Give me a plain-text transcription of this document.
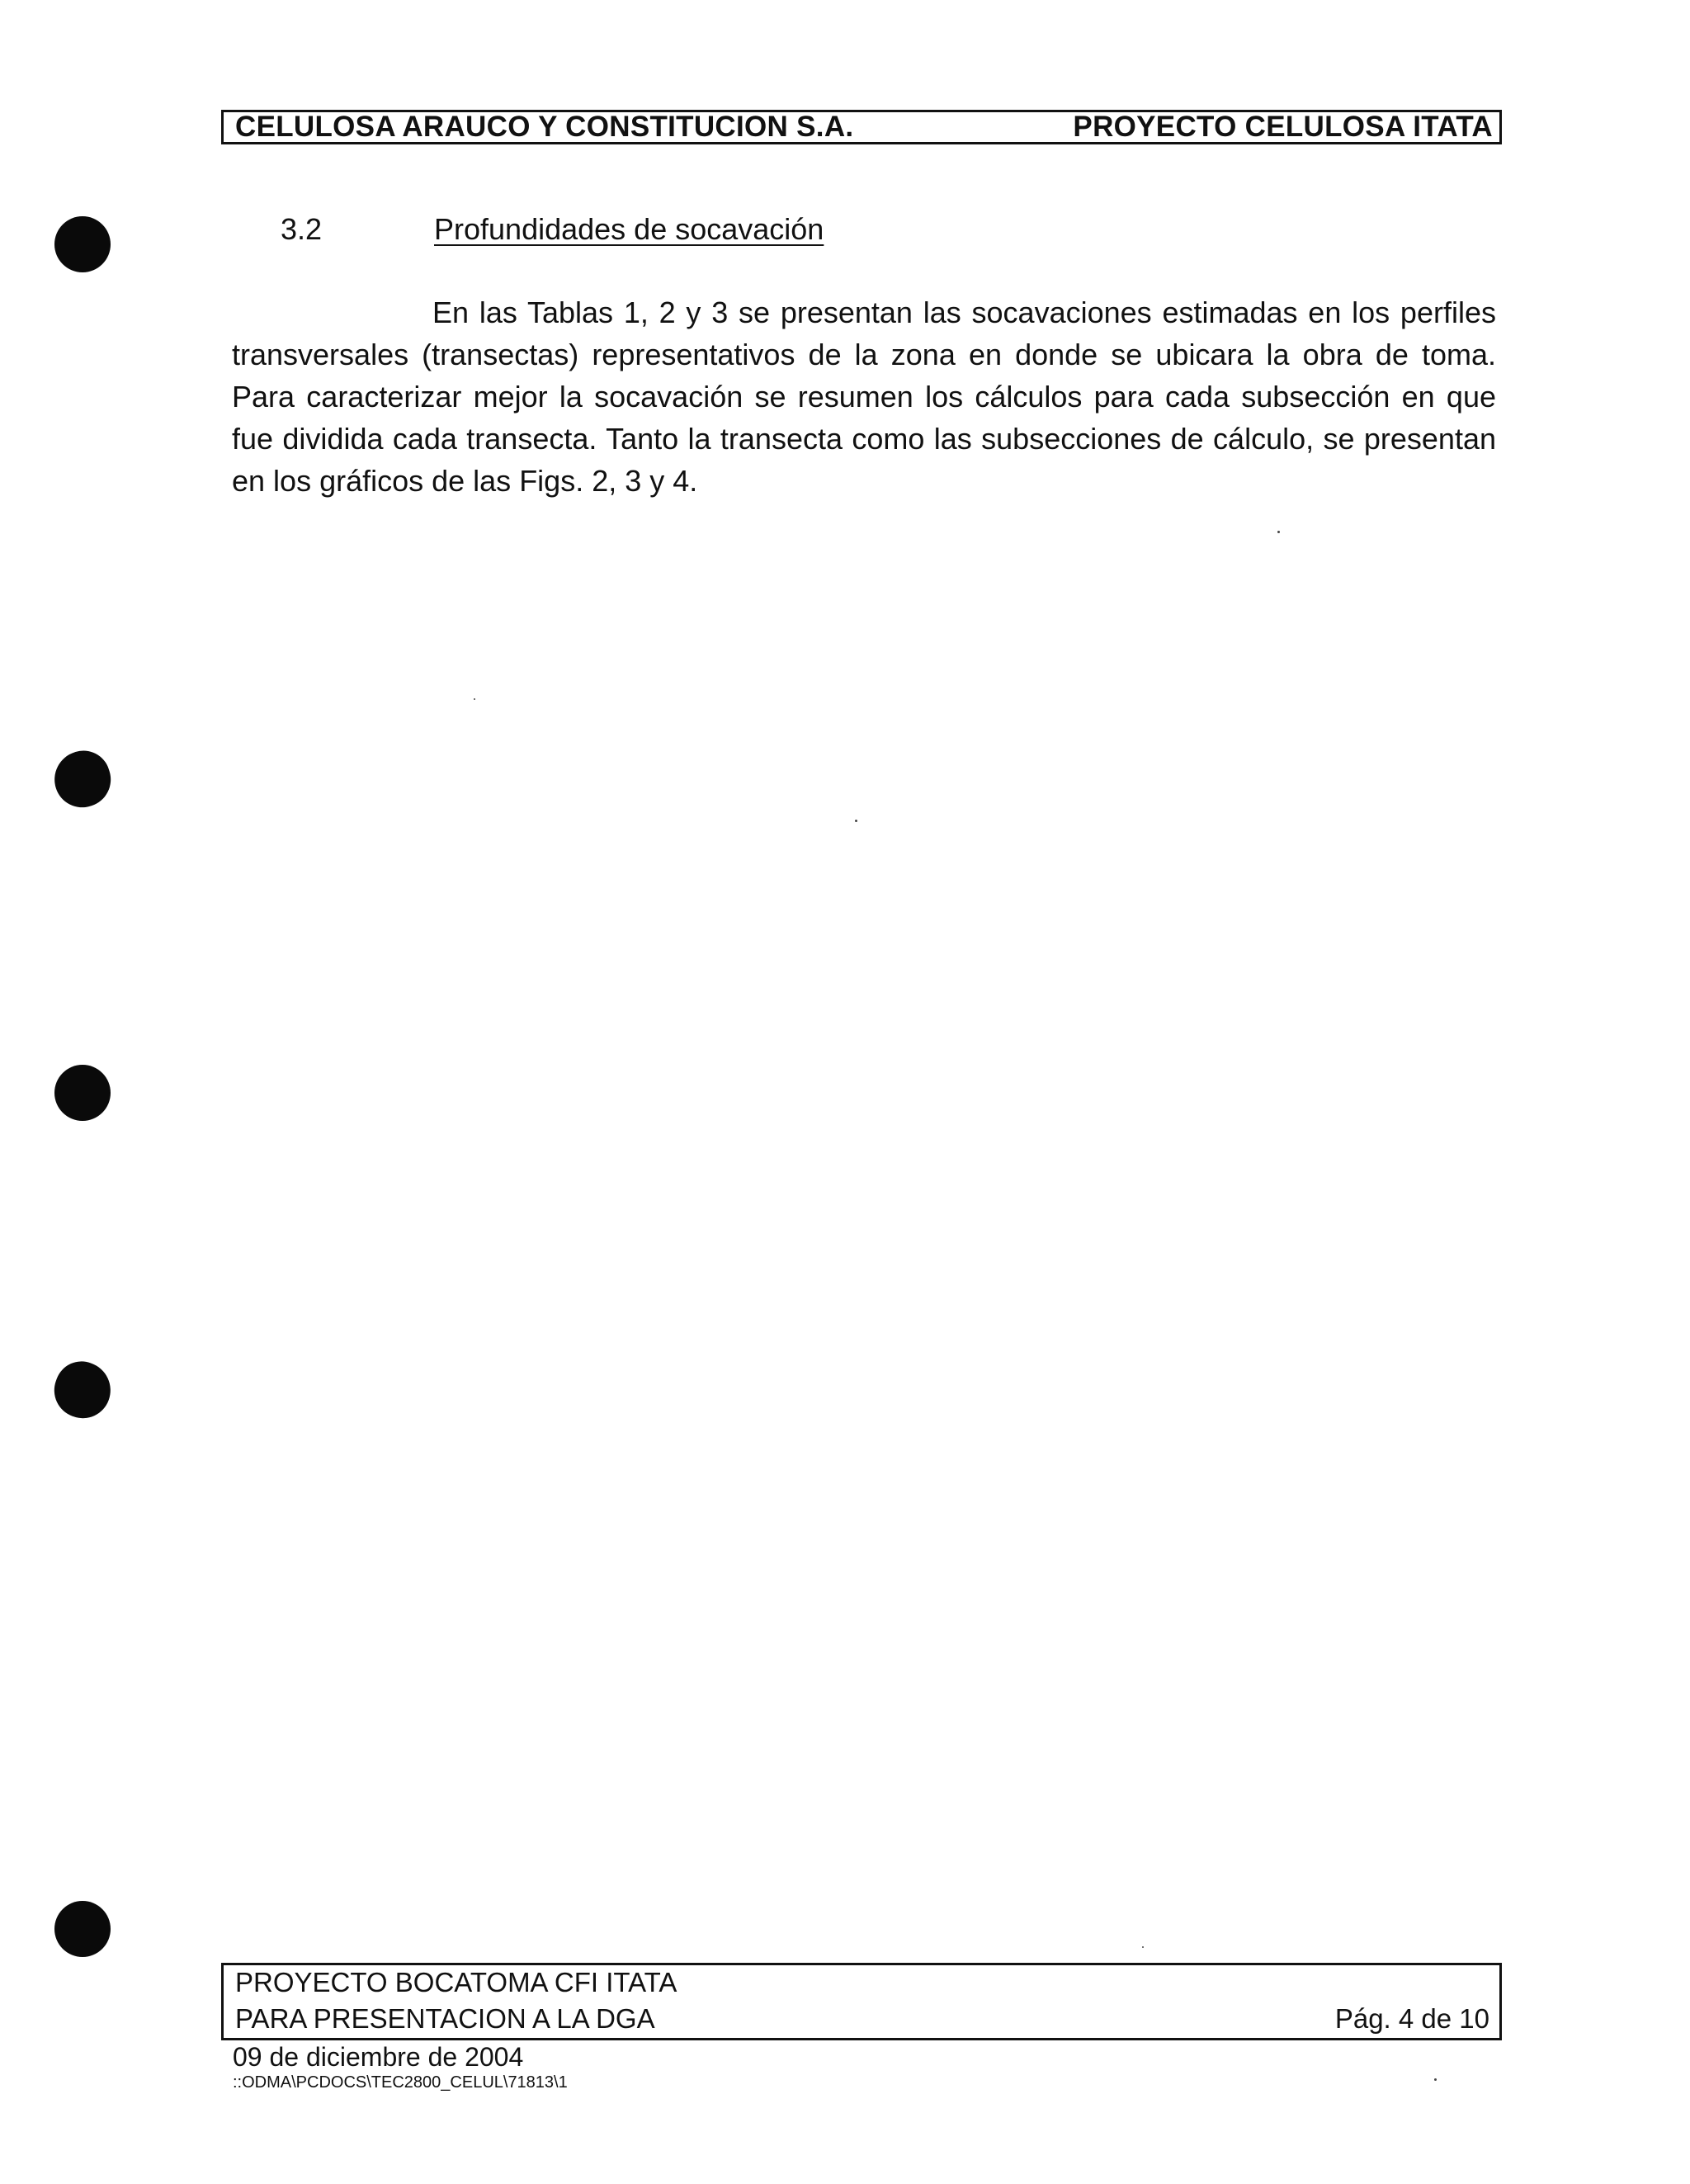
CELULOSA ARAUCO Y CONSTITUCION S.A.	PROYECTO CELULOSA ITATA
3.2	Profundidades de socavación

En las Tablas 1, 2 y 3 se presentan las socavaciones estimadas en los perfiles transversales (transectas) representativos de la zona en donde se ubicara la obra de toma. Para caracterizar mejor la socavación se resumen los cálculos para cada subsección en que fue dividida cada transecta. Tanto la transecta como las subsecciones de cálculo, se presentan en los gráficos de las Figs. 2, 3 y 4.

PROYECTO BOCATOMA CFI ITATA
PARA PRESENTACION A LA DGA	Pág. 4 de 10
09 de diciembre de 2004
::ODMA\PCDOCS\TEC2800_CELUL\71813\1
